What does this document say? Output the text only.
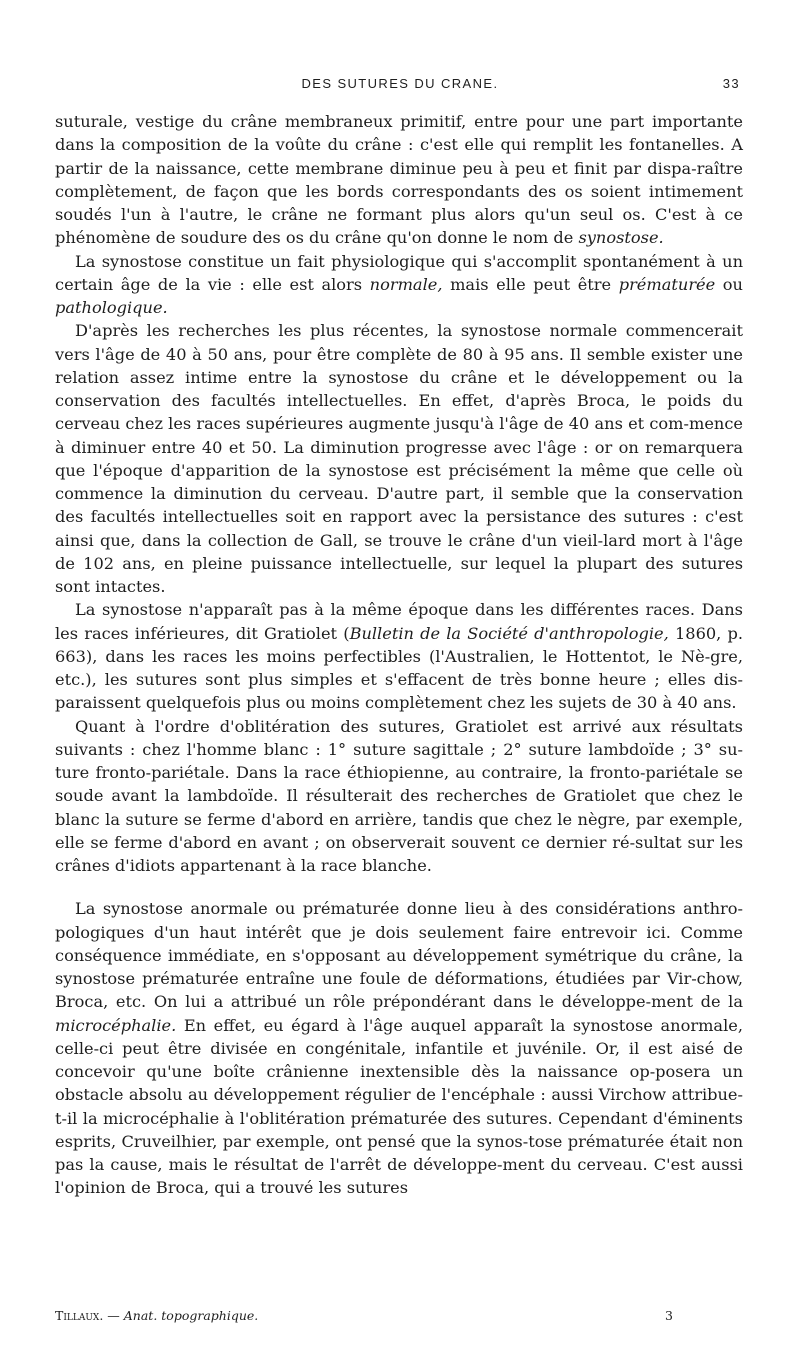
DES SUTURES DU CRANE.	33

suturale, vestige du crâne membraneux primitif, entre pour une part importante dans la composition de la voûte du crâne : c'est elle qui remplit les fontanelles. A partir de la naissance, cette membrane diminue peu à peu et finit par dispa-raître complètement, de façon que les bords correspondants des os soient intimement soudés l'un à l'autre, le crâne ne formant plus alors qu'un seul os. C'est à ce phénomène de soudure des os du crâne qu'on donne le nom de synostose.

La synostose constitue un fait physiologique qui s'accomplit spontanément à un certain âge de la vie : elle est alors normale, mais elle peut être prématurée ou pathologique.

D'après les recherches les plus récentes, la synostose normale commencerait vers l'âge de 40 à 50 ans, pour être complète de 80 à 95 ans. Il semble exister une relation assez intime entre la synostose du crâne et le développement ou la conservation des facultés intellectuelles. En effet, d'après Broca, le poids du cerveau chez les races supérieures augmente jusqu'à l'âge de 40 ans et com-mence à diminuer entre 40 et 50. La diminution progresse avec l'âge : or on remarquera que l'époque d'apparition de la synostose est précisément la même que celle où commence la diminution du cerveau. D'autre part, il semble que la conservation des facultés intellectuelles soit en rapport avec la persistance des sutures : c'est ainsi que, dans la collection de Gall, se trouve le crâne d'un vieil-lard mort à l'âge de 102 ans, en pleine puissance intellectuelle, sur lequel la plupart des sutures sont intactes.

La synostose n'apparaît pas à la même époque dans les différentes races. Dans les races inférieures, dit Gratiolet (Bulletin de la Société d'anthropologie, 1860, p. 663), dans les races les moins perfectibles (l'Australien, le Hottentot, le Nè-gre, etc.), les sutures sont plus simples et s'effacent de très bonne heure ; elles dis-paraissent quelquefois plus ou moins complètement chez les sujets de 30 à 40 ans.

Quant à l'ordre d'oblitération des sutures, Gratiolet est arrivé aux résultats suivants : chez l'homme blanc : 1° suture sagittale ; 2° suture lambdoïde ; 3° su-ture fronto-pariétale. Dans la race éthiopienne, au contraire, la fronto-pariétale se soude avant la lambdoïde. Il résulterait des recherches de Gratiolet que chez le blanc la suture se ferme d'abord en arrière, tandis que chez le nègre, par exemple, elle se ferme d'abord en avant ; on observerait souvent ce dernier ré-sultat sur les crânes d'idiots appartenant à la race blanche.

La synostose anormale ou prématurée donne lieu à des considérations anthro-pologiques d'un haut intérêt que je dois seulement faire entrevoir ici. Comme conséquence immédiate, en s'opposant au développement symétrique du crâne, la synostose prématurée entraîne une foule de déformations, étudiées par Vir-chow, Broca, etc. On lui a attribué un rôle prépondérant dans le développe-ment de la microcéphalie. En effet, eu égard à l'âge auquel apparaît la synostose anormale, celle-ci peut être divisée en congénitale, infantile et juvénile. Or, il est aisé de concevoir qu'une boîte crânienne inextensible dès la naissance op-posera un obstacle absolu au développement régulier de l'encéphale : aussi Virchow attribue-t-il la microcéphalie à l'oblitération prématurée des sutures. Cependant d'éminents esprits, Cruveilhier, par exemple, ont pensé que la synos-tose prématurée était non pas la cause, mais le résultat de l'arrêt de développe-ment du cerveau. C'est aussi l'opinion de Broca, qui a trouvé les sutures

Tillaux. — Anat. topographique.	3
